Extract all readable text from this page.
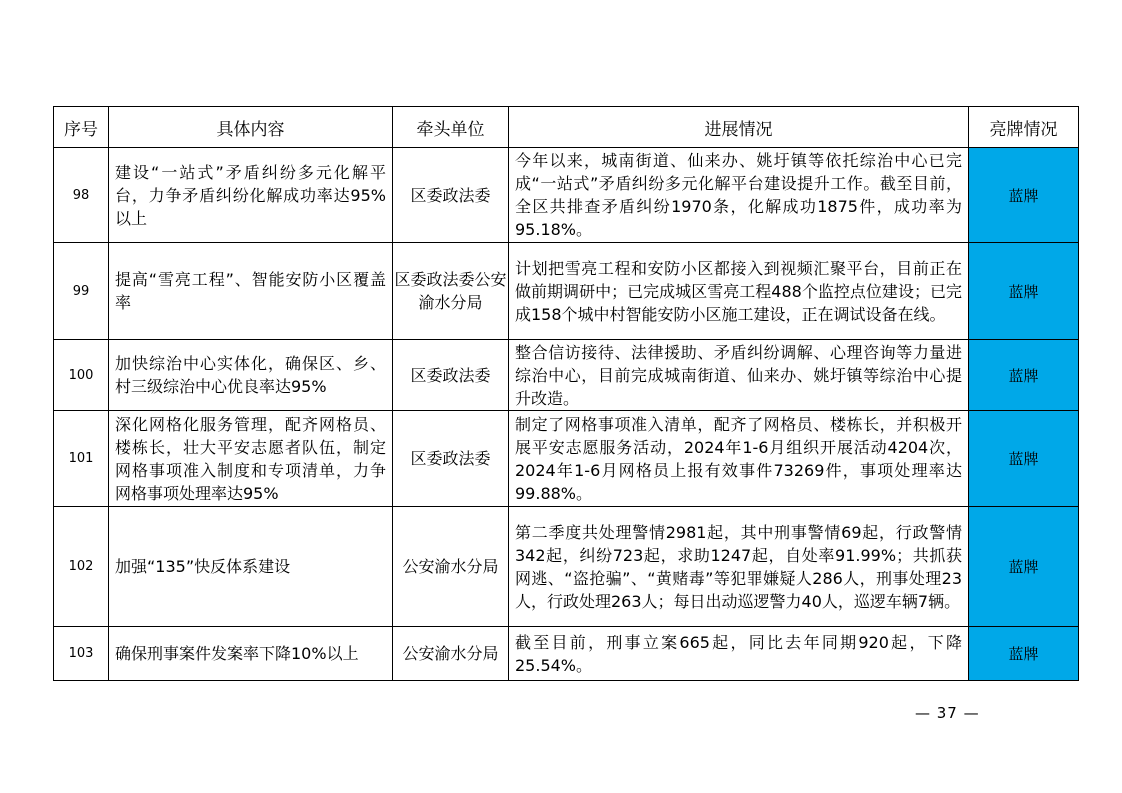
序号	具体内容	牵头单位	进展情况	亮牌情况
98	建设“一站式”矛盾纠纷多元化解平台，力争矛盾纠纷化解成功率达95%以上	区委政法委	今年以来，城南街道、仙来办、姚圩镇等依托综治中心已完成“一站式”矛盾纠纷多元化解平台建设提升工作。截至目前，全区共排查矛盾纠纷1970条，化解成功1875件，成功率为95.18%。	蓝牌
99	提高“雪亮工程”、智能安防小区覆盖率	区委政法委公安渝水分局	计划把雪亮工程和安防小区都接入到视频汇聚平台，目前正在做前期调研中；已完成城区雪亮工程488个监控点位建设；已完成158个城中村智能安防小区施工建设，正在调试设备在线。	蓝牌
100	加快综治中心实体化，确保区、乡、村三级综治中心优良率达95%	区委政法委	整合信访接待、法律援助、矛盾纠纷调解、心理咨询等力量进综治中心，目前完成城南街道、仙来办、姚圩镇等综治中心提升改造。	蓝牌
101	深化网格化服务管理，配齐网格员、楼栋长，壮大平安志愿者队伍，制定网格事项准入制度和专项清单，力争网格事项处理率达95%	区委政法委	制定了网格事项准入清单，配齐了网格员、楼栋长，并积极开展平安志愿服务活动，2024年1-6月组织开展活动4204次，2024年1-6月网格员上报有效事件73269件，事项处理率达99.88%。	蓝牌
102	加强“135”快反体系建设	公安渝水分局	第二季度共处理警情2981起，其中刑事警情69起，行政警情342起，纠纷723起，求助1247起，自处率91.99%；共抓获网逃、“盗抢骗”、“黄赌毒”等犯罪嫌疑人286人，刑事处理23人，行政处理263人；每日出动巡逻警力40人，巡逻车辆7辆。	蓝牌
103	确保刑事案件发案率下降10%以上	公安渝水分局	截至目前，刑事立案665起，同比去年同期920起，下降25.54%。	蓝牌
— 37 —
